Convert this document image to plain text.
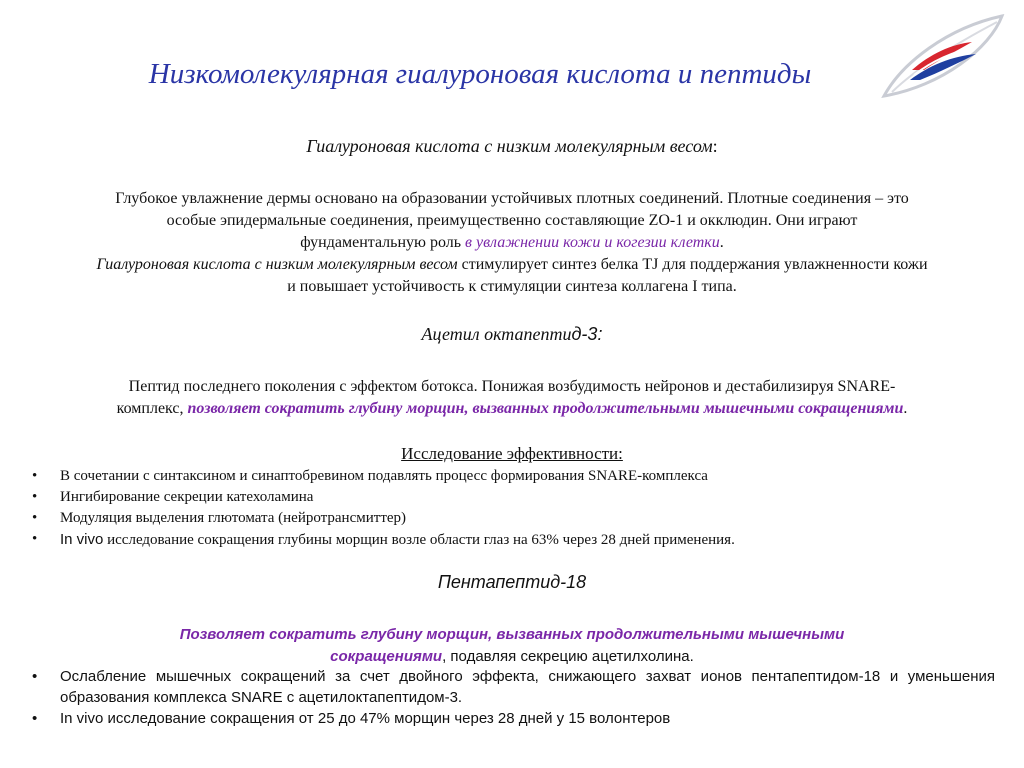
Низкомолекулярная гиалуроновая кислота и пептиды
Гиалуроновая кислота с низким молекулярным весом:
Глубокое увлажнение дермы основано на образовании устойчивых плотных соединений. Плотные соединения – это
особые эпидермальные соединения, преимущественно составляющие ZO-1 и окклюдин. Они играют
фундаментальную роль в увлажнении кожи и когезии клетки.
Гиалуроновая кислота с низким молекулярным весом стимулирует синтез белка TJ для поддержания увлажненности кожи
и повышает устойчивость к стимуляции синтеза коллагена I типа.
Ацетил октапептид-3:
Пептид последнего поколения с эффектом ботокса. Понижая возбудимость нейронов и дестабилизируя SNARE-
комплекс, позволяет сократить глубину морщин, вызванных продолжительными мышечными сокращениями.
Исследование эффективности:
• В сочетании с синтаксином и синаптобревином подавлять процесс формирования SNARE-комплекса
• Ингибирование секреции катехоламина
• Модуляция выделения глютомата (нейротрансмиттер)
• In vivo исследование сокращения глубины морщин возле области глаз на 63% через 28 дней применения.
Пентапептид-18
Позволяет сократить глубину морщин, вызванных продолжительными мышечными
сокращениями, подавляя секрецию ацетилхолина.
• Ослабление мышечных сокращений за счет двойного эффекта, снижающего захват ионов пентапептидом-18 и уменьшения образования комплекса SNARE с ацетилоктапептидом-3.
• In vivo исследование сокращения от 25 до 47% морщин через 28 дней у 15 волонтеров
